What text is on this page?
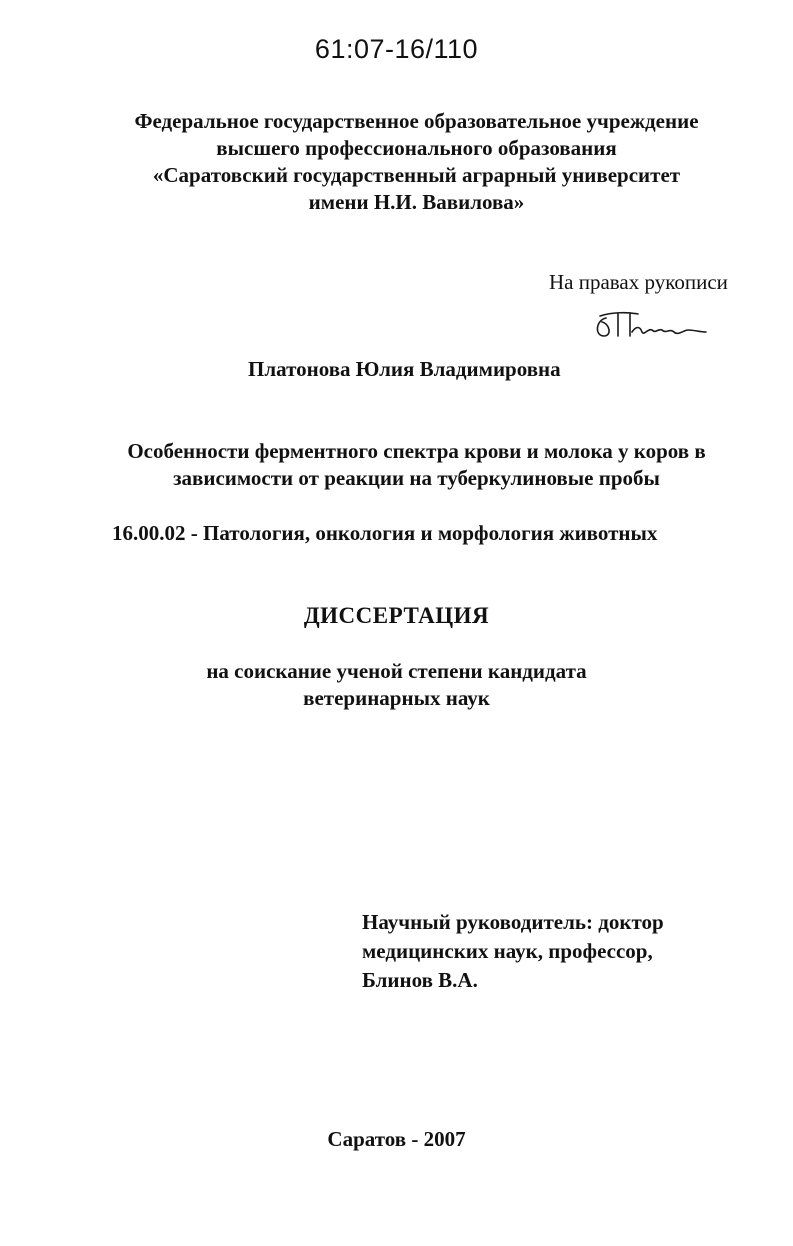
61:07-16/110
Федеральное государственное образовательное учреждение
высшего профессионального образования
«Саратовский государственный аграрный университет
имени Н.И. Вавилова»
На правах рукописи
Платонова Юлия Владимировна
Особенности ферментного спектра крови и молока у коров в
зависимости от реакции на туберкулиновые пробы
16.00.02 - Патология, онкология и морфология животных
ДИССЕРТАЦИЯ
на соискание ученой степени кандидата
ветеринарных наук
Научный руководитель: доктор
медицинских наук, профессор,
Блинов В.А.
Саратов - 2007
